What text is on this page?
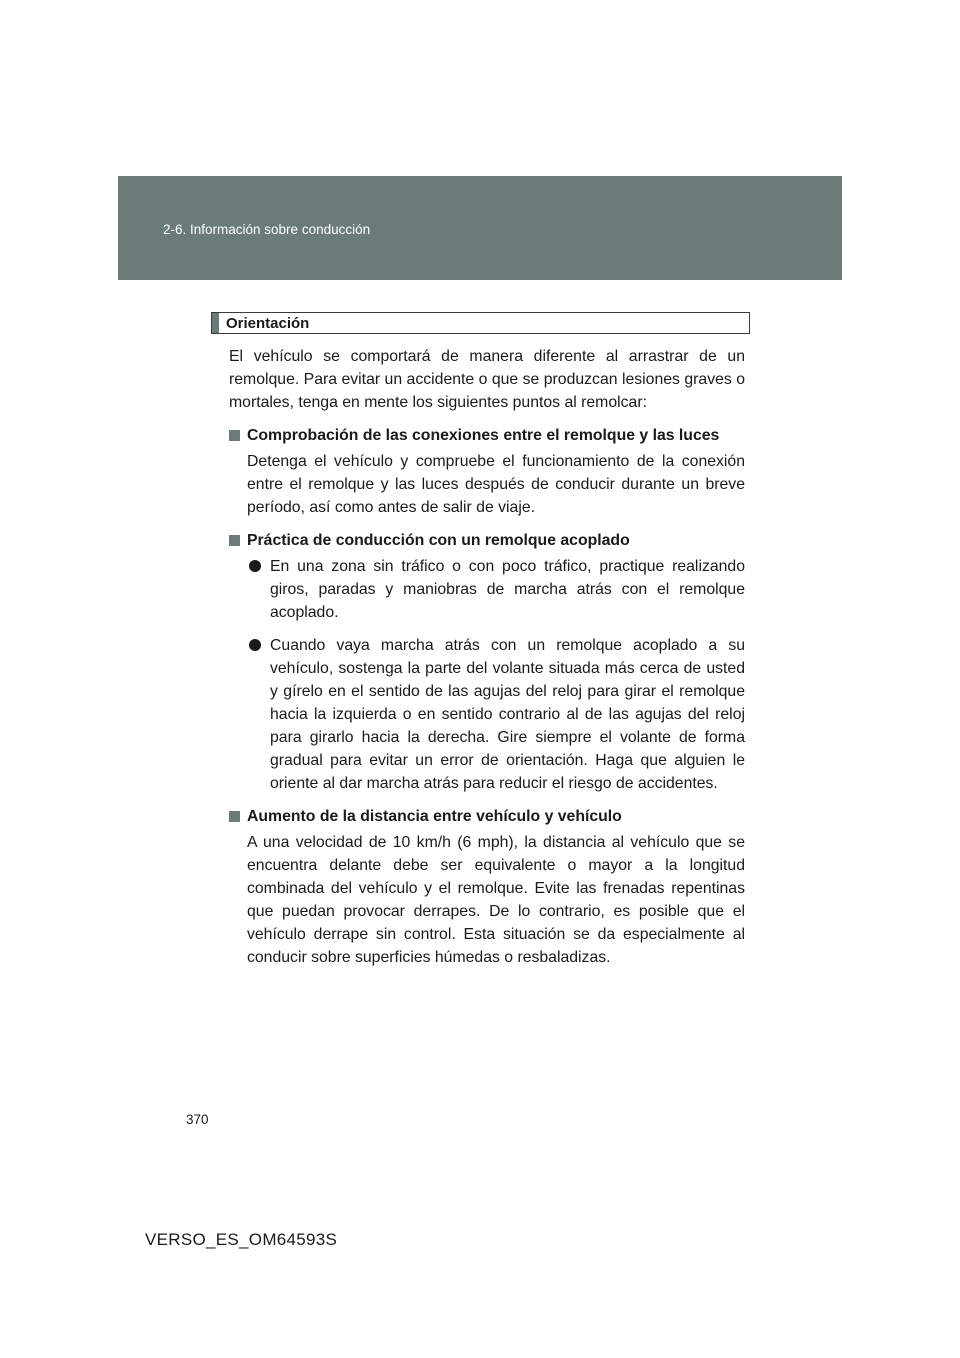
2-6. Información sobre conducción
Orientación

El vehículo se comportará de manera diferente al arrastrar de un remolque. Para evitar un accidente o que se produzcan lesiones graves o mortales, tenga en mente los siguientes puntos al remolcar:

Comprobación de las conexiones entre el remolque y las luces

Detenga el vehículo y compruebe el funcionamiento de la conexión entre el remolque y las luces después de conducir durante un breve período, así como antes de salir de viaje.

Práctica de conducción con un remolque acoplado

En una zona sin tráfico o con poco tráfico, practique realizando giros, paradas y maniobras de marcha atrás con el remolque acoplado.

Cuando vaya marcha atrás con un remolque acoplado a su vehículo, sostenga la parte del volante situada más cerca de usted y gírelo en el sentido de las agujas del reloj para girar el remolque hacia la izquierda o en sentido contrario al de las agujas del reloj para girarlo hacia la derecha. Gire siempre el volante de forma gradual para evitar un error de orientación. Haga que alguien le oriente al dar marcha atrás para reducir el riesgo de accidentes.

Aumento de la distancia entre vehículo y vehículo

A una velocidad de 10 km/h (6 mph), la distancia al vehículo que se encuentra delante debe ser equivalente o mayor a la longitud combinada del vehículo y el remolque. Evite las frenadas repentinas que puedan provocar derrapes. De lo contrario, es posible que el vehículo derrape sin control. Esta situación se da especialmente al conducir sobre superficies húmedas o resbaladizas.

370
VERSO_ES_OM64593S
